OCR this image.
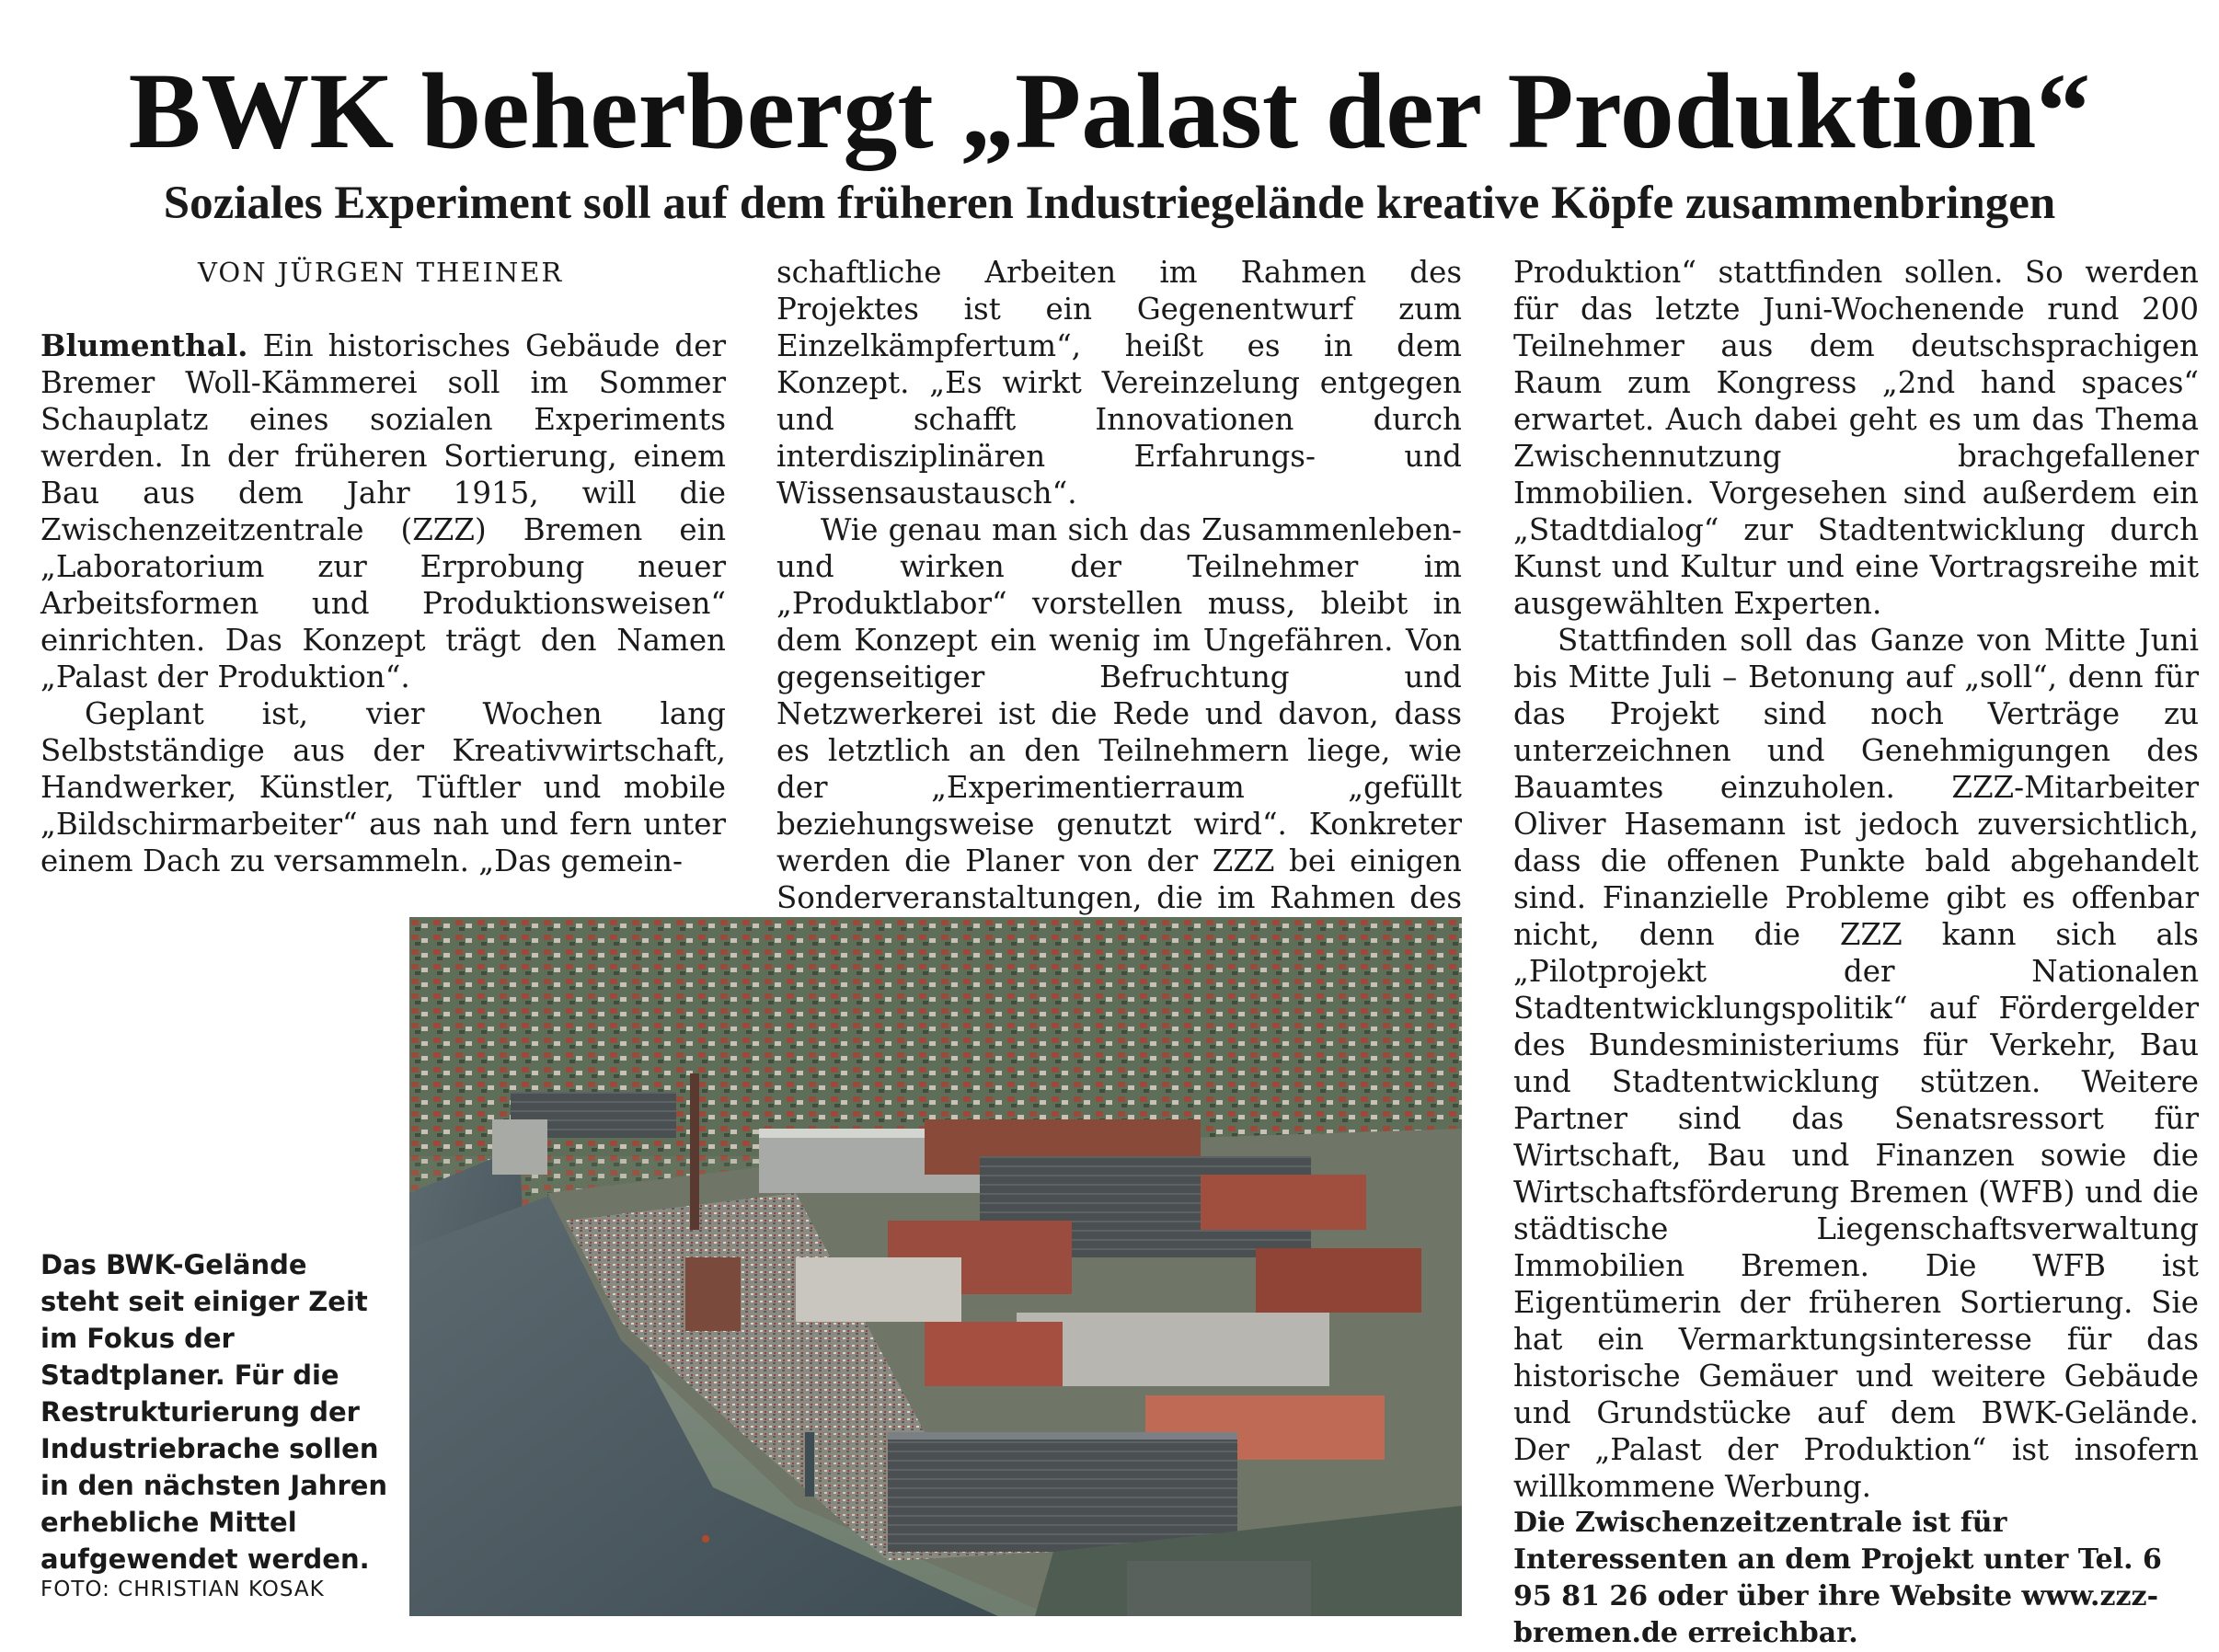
BWK beherbergt „Palast der Produktion“
Soziales Experiment soll auf dem früheren Industriegelände kreative Köpfe zusammenbringen
VON JÜRGEN THEINER

Blumenthal. Ein historisches Gebäude der Bremer Woll-Kämmerei soll im Sommer Schauplatz eines sozialen Experiments werden. In der früheren Sortierung, einem Bau aus dem Jahr 1915, will die Zwischenzeitzentrale (ZZZ) Bremen ein „Laboratorium zur Erprobung neuer Arbeitsformen und Produktionsweisen“ einrichten. Das Konzept trägt den Namen „Palast der Produktion“.

Geplant ist, vier Wochen lang Selbstständige aus der Kreativwirtschaft, Handwerker, Künstler, Tüftler und mobile „Bildschirmarbeiter“ aus nah und fern unter einem Dach zu versammeln. „Das gemein-

schaftliche Arbeiten im Rahmen des Projektes ist ein Gegenentwurf zum Einzelkämpfertum“, heißt es in dem Konzept. „Es wirkt Vereinzelung entgegen und schafft Innovationen durch interdisziplinären Erfahrungs- und Wissensaustausch“.

Wie genau man sich das Zusammenleben- und wirken der Teilnehmer im „Produktlabor“ vorstellen muss, bleibt in dem Konzept ein wenig im Ungefähren. Von gegenseitiger Befruchtung und Netzwerkerei ist die Rede und davon, dass es letztlich an den Teilnehmern liege, wie der „Experimentierraum „gefüllt beziehungsweise genutzt wird“. Konkreter werden die Planer von der ZZZ bei einigen Sonderveranstaltungen, die im Rahmen des

Produktion“ stattfinden sollen. So werden für das letzte Juni-Wochenende rund 200 Teilnehmer aus dem deutschsprachigen Raum zum Kongress „2nd hand spaces“ erwartet. Auch dabei geht es um das Thema Zwischennutzung brachgefallener Immobilien. Vorgesehen sind außerdem ein „Stadtdialog“ zur Stadtentwicklung durch Kunst und Kultur und eine Vortragsreihe mit ausgewählten Experten.

Stattfinden soll das Ganze von Mitte Juni bis Mitte Juli – Betonung auf „soll“, denn für das Projekt sind noch Verträge zu unterzeichnen und Genehmigungen des Bauamtes einzuholen. ZZZ-Mitarbeiter Oliver Hasemann ist jedoch zuversichtlich, dass die offenen Punkte bald abgehandelt sind. Finanzielle Probleme gibt es offenbar nicht, denn die ZZZ kann sich als „Pilotprojekt der Nationalen Stadtentwicklungspolitik“ auf Fördergelder des Bundesministeriums für Verkehr, Bau und Stadtentwicklung stützen. Weitere Partner sind das Senatsressort für Wirtschaft, Bau und Finanzen sowie die Wirtschaftsförderung Bremen (WFB) und die städtische Liegenschaftsverwaltung Immobilien Bremen. Die WFB ist Eigentümerin der früheren Sortierung. Sie hat ein Vermarktungsinteresse für das historische Gemäuer und weitere Gebäude und Grundstücke auf dem BWK-Gelände. Der „Palast der Produktion“ ist insofern willkommene Werbung.

Das BWK-Gelände steht seit einiger Zeit im Fokus der Stadtplaner. Für die Restrukturierung der Industriebrache sollen in den nächsten Jahren erhebliche Mittel aufgewendet werden.

FOTO: CHRISTIAN KOSAK

Die Zwischenzeitzentrale ist für Interessenten an dem Projekt unter Tel. 6 95 81 26 oder über ihre Website www.zzz-bremen.de erreichbar.
